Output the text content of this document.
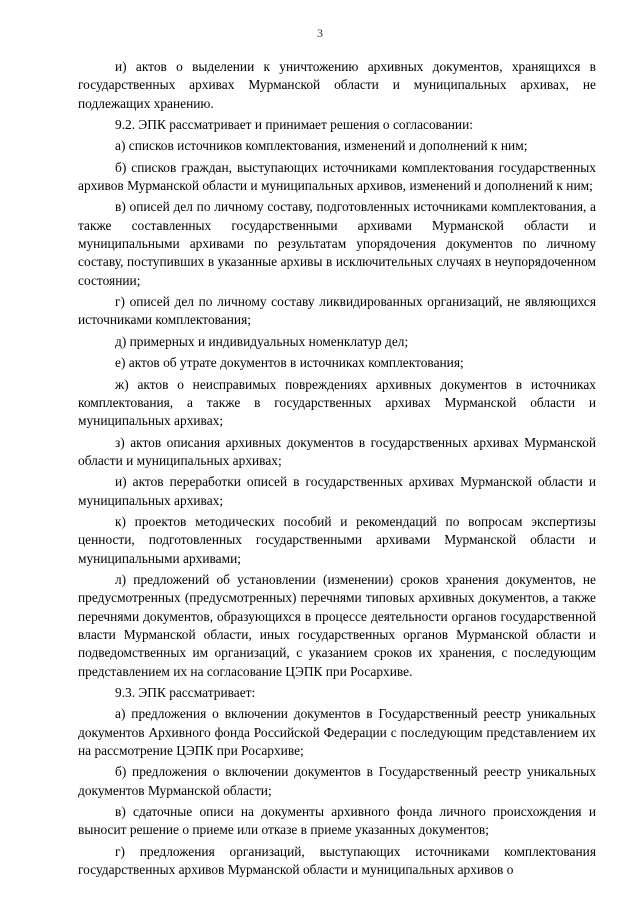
3

и) актов о выделении к уничтожению архивных документов, хранящихся в государственных архивах Мурманской области и муниципальных архивах, не подлежащих хранению.

9.2. ЭПК рассматривает и принимает решения о согласовании:

а) списков источников комплектования, изменений и дополнений к ним;

б) списков граждан, выступающих источниками комплектования государственных архивов Мурманской области и муниципальных архивов, изменений и дополнений к ним;

в) описей дел по личному составу, подготовленных источниками комплектования, а также составленных государственными архивами Мурманской области и муниципальными архивами по результатам упорядочения документов по личному составу, поступивших в указанные архивы в исключительных случаях в неупорядоченном состоянии;

г) описей дел по личному составу ликвидированных организаций, не являющихся источниками комплектования;

д) примерных и индивидуальных номенклатур дел;

е) актов об утрате документов в источниках комплектования;

ж) актов о неисправимых повреждениях архивных документов в источниках комплектования, а также в государственных архивах Мурманской области и муниципальных архивах;

з) актов описания архивных документов в государственных архивах Мурманской области и муниципальных архивах;

и) актов переработки описей в государственных архивах Мурманской области и муниципальных архивах;

к) проектов методических пособий и рекомендаций по вопросам экспертизы ценности, подготовленных государственными архивами Мурманской области и муниципальными архивами;

л) предложений об установлении (изменении) сроков хранения документов, не предусмотренных (предусмотренных) перечнями типовых архивных документов, а также перечнями документов, образующихся в процессе деятельности органов государственной власти Мурманской области, иных государственных органов Мурманской области и подведомственных им организаций, с указанием сроков их хранения, с последующим представлением их на согласование ЦЭПК при Росархиве.

9.3. ЭПК рассматривает:

а) предложения о включении документов в Государственный реестр уникальных документов Архивного фонда Российской Федерации с последующим представлением их на рассмотрение ЦЭПК при Росархиве;

б) предложения о включении документов в Государственный реестр уникальных документов Мурманской области;

в) сдаточные описи на документы архивного фонда личного происхождения и выносит решение о приеме или отказе в приеме указанных документов;

г) предложения организаций, выступающих источниками комплектования государственных архивов Мурманской области и муниципальных архивов о
